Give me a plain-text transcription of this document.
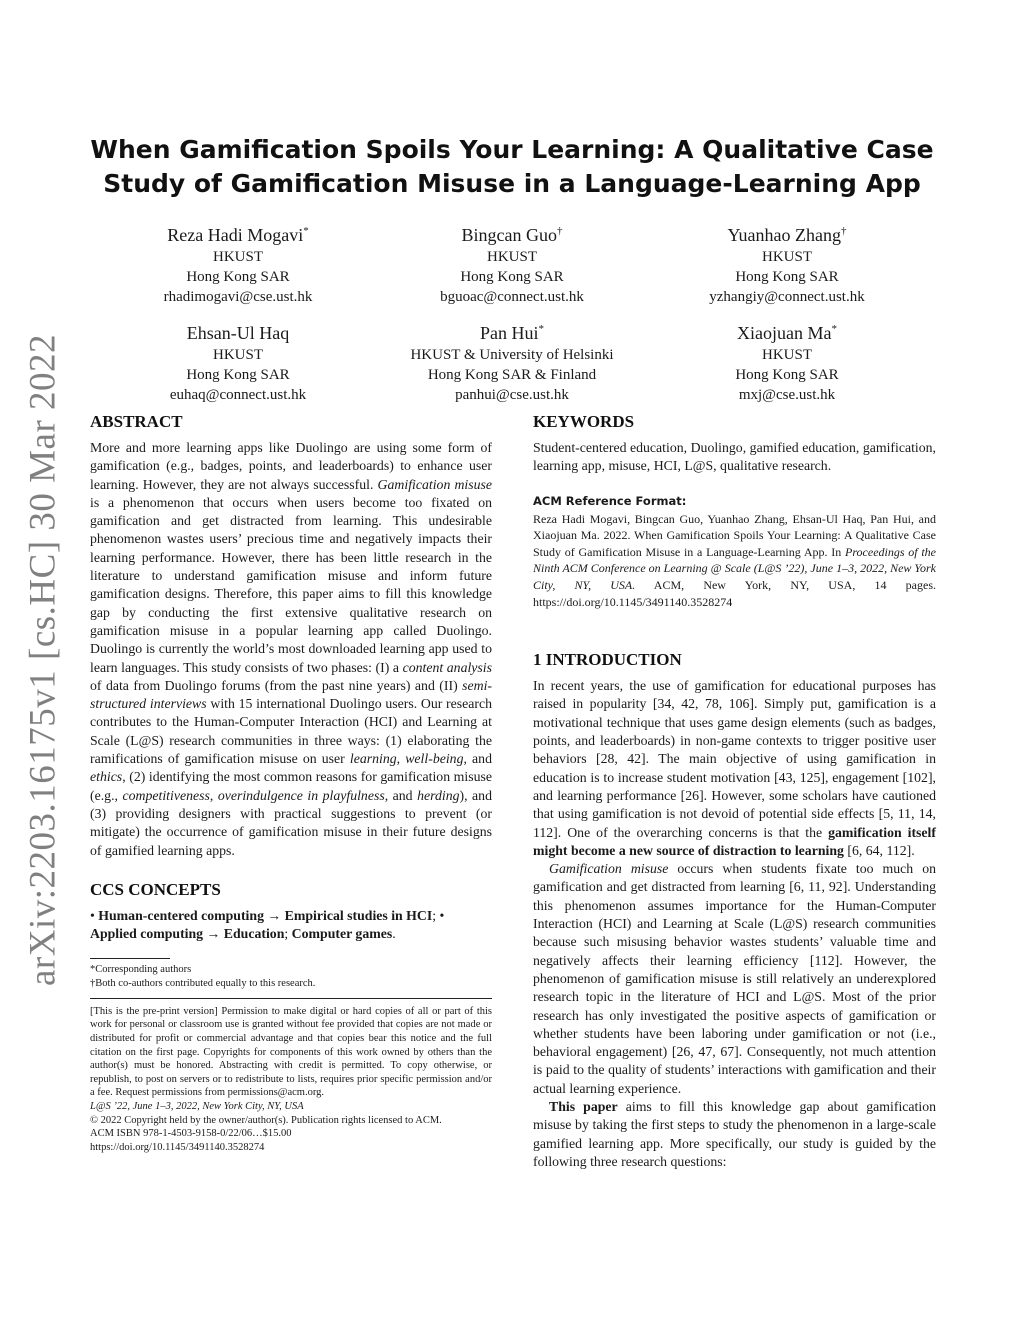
arXiv:2203.16175v1 [cs.HC] 30 Mar 2022
When Gamification Spoils Your Learning: A Qualitative Case Study of Gamification Misuse in a Language-Learning App
Reza Hadi Mogavi*
HKUST
Hong Kong SAR
rhadimogavi@cse.ust.hk
Bingcan Guo†
HKUST
Hong Kong SAR
bguoac@connect.ust.hk
Yuanhao Zhang†
HKUST
Hong Kong SAR
yzhangiy@connect.ust.hk
Ehsan-Ul Haq
HKUST
Hong Kong SAR
euhaq@connect.ust.hk
Pan Hui*
HKUST & University of Helsinki
Hong Kong SAR & Finland
panhui@cse.ust.hk
Xiaojuan Ma*
HKUST
Hong Kong SAR
mxj@cse.ust.hk
ABSTRACT

More and more learning apps like Duolingo are using some form of gamification (e.g., badges, points, and leaderboards) to enhance user learning. However, they are not always successful. Gamification misuse is a phenomenon that occurs when users become too fixated on gamification and get distracted from learning. This undesirable phenomenon wastes users’ precious time and negatively impacts their learning performance. However, there has been little research in the literature to understand gamification misuse and inform future gamification designs. Therefore, this paper aims to fill this knowledge gap by conducting the first extensive qualitative research on gamification misuse in a popular learning app called Duolingo. Duolingo is currently the world’s most downloaded learning app used to learn languages. This study consists of two phases: (I) a content analysis of data from Duolingo forums (from the past nine years) and (II) semi-structured interviews with 15 international Duolingo users. Our research contributes to the Human-Computer Interaction (HCI) and Learning at Scale (L@S) research communities in three ways: (1) elaborating the ramifications of gamification misuse on user learning, well-being, and ethics, (2) identifying the most common reasons for gamification misuse (e.g., competitiveness, overindulgence in playfulness, and herding), and (3) providing designers with practical suggestions to prevent (or mitigate) the occurrence of gamification misuse in their future designs of gamified learning apps.

CCS CONCEPTS
• Human-centered computing → Empirical studies in HCI; • Applied computing → Education; Computer games.
*Corresponding authors
†Both co-authors contributed equally to this research.
[This is the pre-print version] Permission to make digital or hard copies of all or part of this work for personal or classroom use is granted without fee provided that copies are not made or distributed for profit or commercial advantage and that copies bear this notice and the full citation on the first page. Copyrights for components of this work owned by others than the author(s) must be honored. Abstracting with credit is permitted. To copy otherwise, or republish, to post on servers or to redistribute to lists, requires prior specific permission and/or a fee. Request permissions from permissions@acm.org.
L@S ’22, June 1–3, 2022, New York City, NY, USA
© 2022 Copyright held by the owner/author(s). Publication rights licensed to ACM.
ACM ISBN 978-1-4503-9158-0/22/06…$15.00
https://doi.org/10.1145/3491140.3528274
KEYWORDS

Student-centered education, Duolingo, gamified education, gamification, learning app, misuse, HCI, L@S, qualitative research.

ACM Reference Format:
Reza Hadi Mogavi, Bingcan Guo, Yuanhao Zhang, Ehsan-Ul Haq, Pan Hui, and Xiaojuan Ma. 2022. When Gamification Spoils Your Learning: A Qualitative Case Study of Gamification Misuse in a Language-Learning App. In Proceedings of the Ninth ACM Conference on Learning @ Scale (L@S ’22), June 1–3, 2022, New York City, NY, USA. ACM, New York, NY, USA, 14 pages. https://doi.org/10.1145/3491140.3528274
1 INTRODUCTION

In recent years, the use of gamification for educational purposes has raised in popularity [34, 42, 78, 106]. Simply put, gamification is a motivational technique that uses game design elements (such as badges, points, and leaderboards) in non-game contexts to trigger positive user behaviors [28, 42]. The main objective of using gamification in education is to increase student motivation [43, 125], engagement [102], and learning performance [26]. However, some scholars have cautioned that using gamification is not devoid of potential side effects [5, 11, 14, 112]. One of the overarching concerns is that the gamification itself might become a new source of distraction to learning [6, 64, 112].

Gamification misuse occurs when students fixate too much on gamification and get distracted from learning [6, 11, 92]. Understanding this phenomenon assumes importance for the Human-Computer Interaction (HCI) and Learning at Scale (L@S) research communities because such misusing behavior wastes students’ valuable time and negatively affects their learning efficiency [112]. However, the phenomenon of gamification misuse is still relatively an underexplored research topic in the literature of HCI and L@S. Most of the prior research has only investigated the positive aspects of gamification or whether students have been laboring under gamification or not (i.e., behavioral engagement) [26, 47, 67]. Consequently, not much attention is paid to the quality of students’ interactions with gamification and their actual learning experience.

This paper aims to fill this knowledge gap about gamification misuse by taking the first steps to study the phenomenon in a large-scale gamified learning app. More specifically, our study is guided by the following three research questions:
